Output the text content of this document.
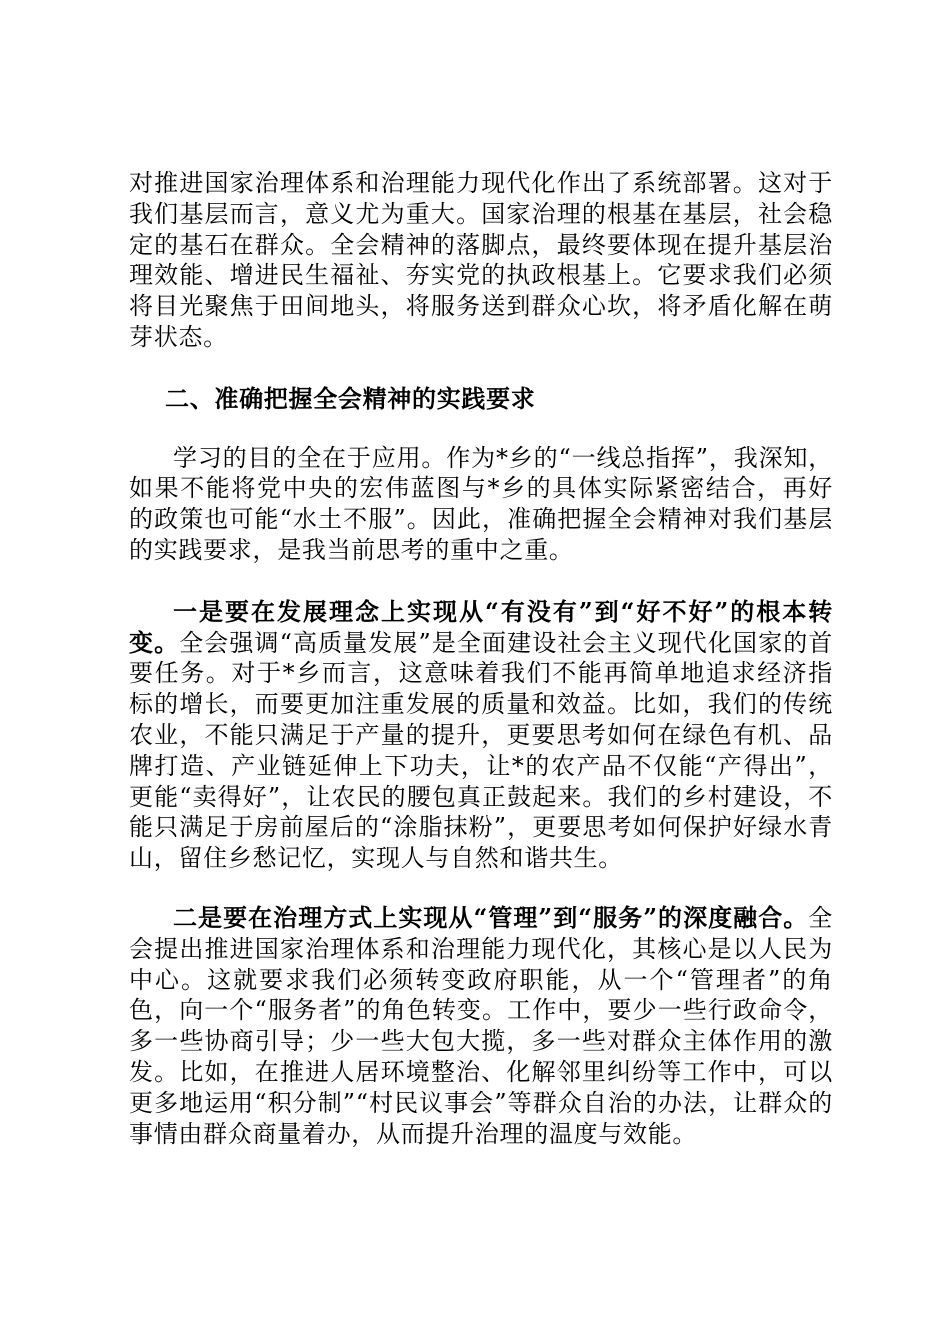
对推进国家治理体系和治理能力现代化作出了系统部署。这对于我们基层而言，意义尤为重大。国家治理的根基在基层，社会稳定的基石在群众。全会精神的落脚点，最终要体现在提升基层治理效能、增进民生福祉、夯实党的执政根基上。它要求我们必须将目光聚焦于田间地头，将服务送到群众心坎，将矛盾化解在萌芽状态。

二、准确把握全会精神的实践要求

学习的目的全在于应用。作为*乡的“一线总指挥”，我深知，如果不能将党中央的宏伟蓝图与*乡的具体实际紧密结合，再好的政策也可能“水土不服”。因此，准确把握全会精神对我们基层的实践要求，是我当前思考的重中之重。

一是要在发展理念上实现从“有没有”到“好不好”的根本转变。全会强调“高质量发展”是全面建设社会主义现代化国家的首要任务。对于*乡而言，这意味着我们不能再简单地追求经济指标的增长，而要更加注重发展的质量和效益。比如，我们的传统农业，不能只满足于产量的提升，更要思考如何在绿色有机、品牌打造、产业链延伸上下功夫，让*的农产品不仅能“产得出”，更能“卖得好”，让农民的腰包真正鼓起来。我们的乡村建设，不能只满足于房前屋后的“涂脂抹粉”，更要思考如何保护好绿水青山，留住乡愁记忆，实现人与自然和谐共生。

二是要在治理方式上实现从“管理”到“服务”的深度融合。全会提出推进国家治理体系和治理能力现代化，其核心是以人民为中心。这就要求我们必须转变政府职能，从一个“管理者”的角色，向一个“服务者”的角色转变。工作中，要少一些行政命令，多一些协商引导；少一些大包大揽，多一些对群众主体作用的激发。比如，在推进人居环境整治、化解邻里纠纷等工作中，可以更多地运用“积分制”“村民议事会”等群众自治的办法，让群众的事情由群众商量着办，从而提升治理的温度与效能。
